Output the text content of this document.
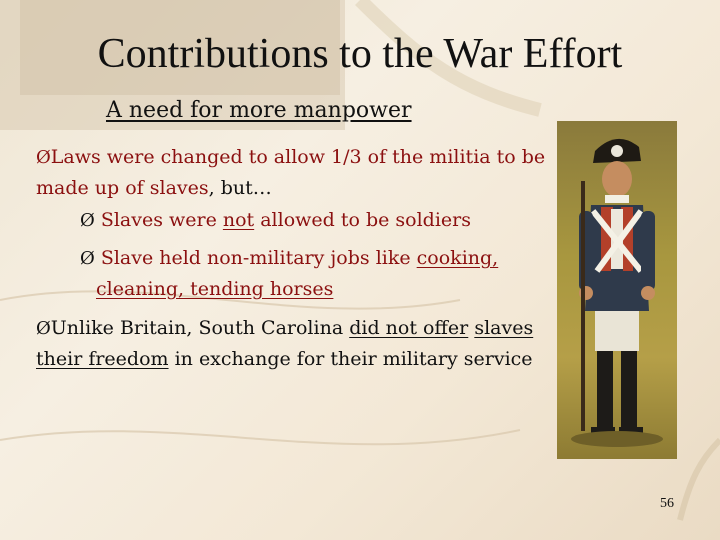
Contributions to the War Effort
A need for more manpower
ØLaws were changed to allow 1/3 of the militia to be made up of slaves, but…
Ø Slaves were not allowed to be soldiers
Ø Slave held non-military jobs like cooking,
cleaning, tending horses
ØUnlike Britain, South Carolina did not offer slaves their freedom in exchange for their military service
56
